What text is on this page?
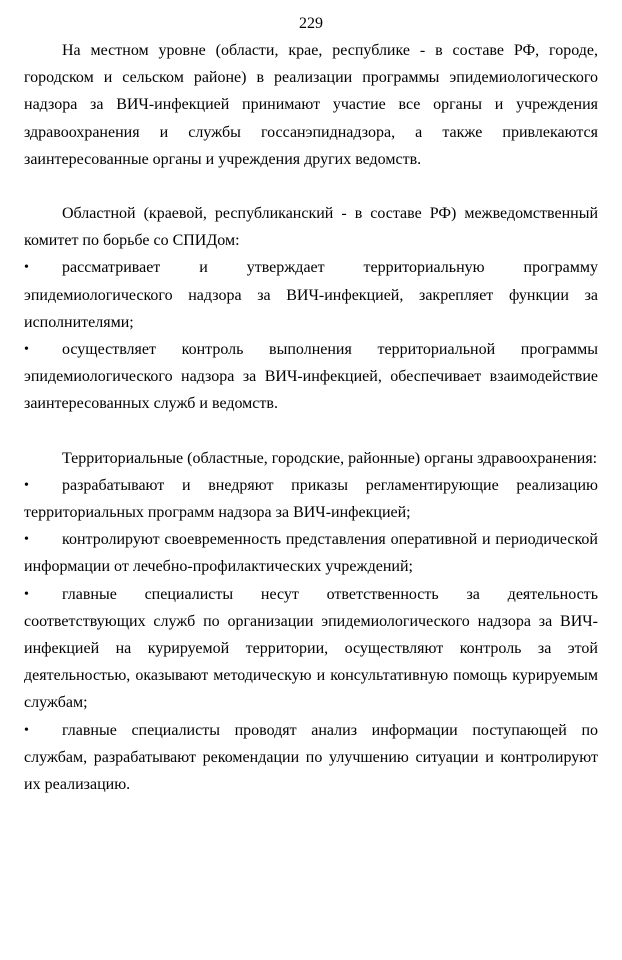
229

На местном уровне (области, крае, республике - в составе РФ, городе, городском и сельском районе) в реализации программы эпидемиологического надзора за ВИЧ-инфекцией принимают участие все органы и учреждения здравоохранения и службы госсанэпиднадзора, а также привлекаются заинтересованные органы и учреждения других ведомств.

Областной (краевой, республиканский - в составе РФ) межведомственный комитет по борьбе со СПИДом:

• рассматривает и утверждает территориальную программу эпидемиологического надзора за ВИЧ-инфекцией, закрепляет функции за исполнителями;

• осуществляет контроль выполнения территориальной программы эпидемиологического надзора за ВИЧ-инфекцией, обеспечивает взаимодействие заинтересованных служб и ведомств.

Территориальные (областные, городские, районные) органы здравоохранения:

• разрабатывают и внедряют приказы регламентирующие реализацию территориальных программ надзора за ВИЧ-инфекцией;

• контролируют своевременность представления оперативной и периодической информации от лечебно-профилактических учреждений;

• главные специалисты несут ответственность за деятельность соответствующих служб по организации эпидемиологического надзора за ВИЧ-инфекцией на курируемой территории, осуществляют контроль за этой деятельностью, оказывают методическую и консультативную помощь курируемым службам;

• главные специалисты проводят анализ информации поступающей по службам, разрабатывают рекомендации по улучшению ситуации и контролируют их реализацию.
